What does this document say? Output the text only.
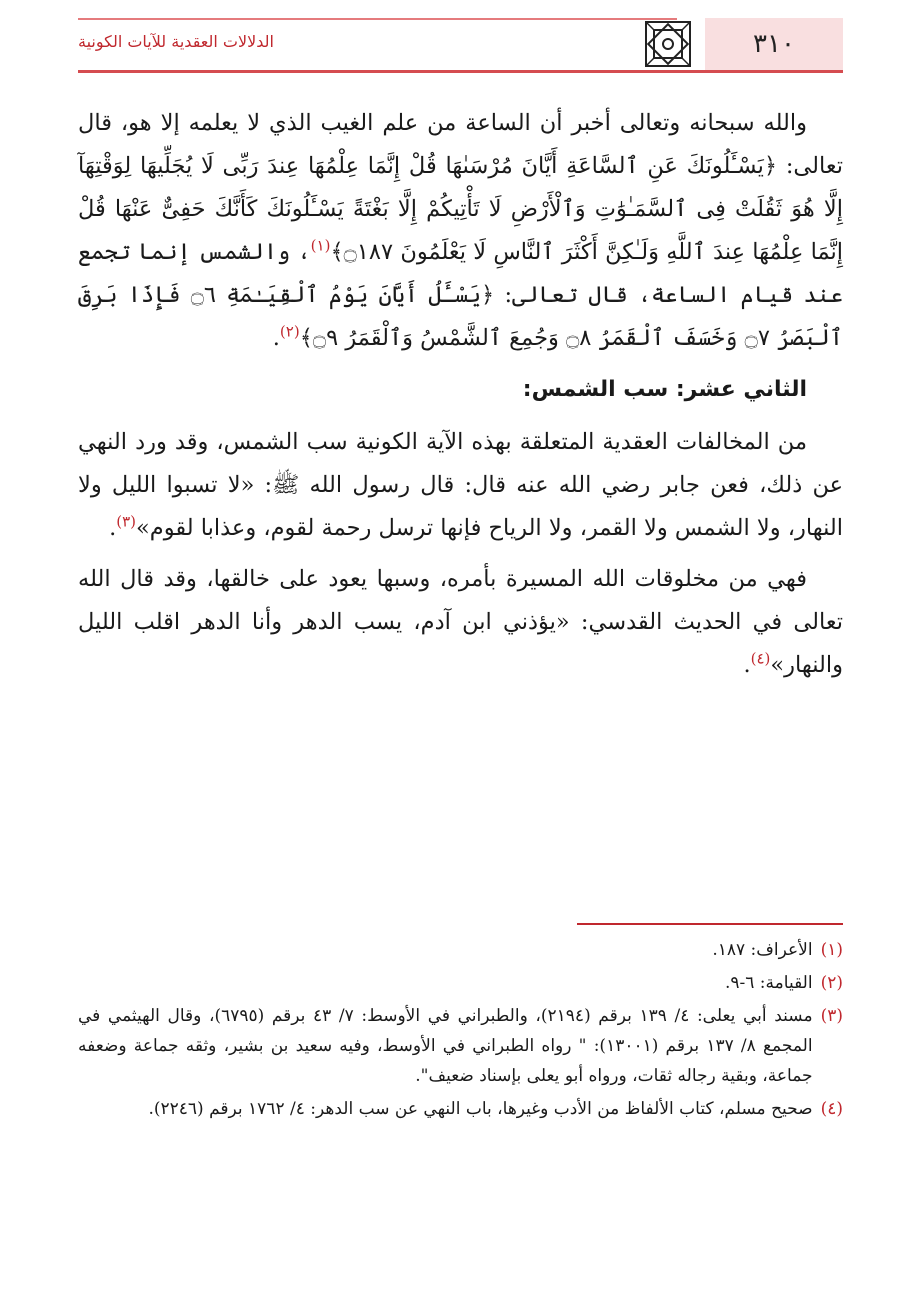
٣١٠
الدلالات العقدية للآيات الكونية

والله سبحانه وتعالى أخبر أن الساعة من علم الغيب الذي لا يعلمه إلا هو، قال تعالى: ﴿يَسْـَٔلُونَكَ عَنِ ٱلسَّاعَةِ أَيَّانَ مُرْسَىٰهَا قُلْ إِنَّمَا عِلْمُهَا عِندَ رَبِّى لَا يُجَلِّيهَا لِوَقْتِهَآ إِلَّا هُوَ ثَقُلَتْ فِى ٱلسَّمَـٰوَٰتِ وَٱلْأَرْضِ لَا تَأْتِيكُمْ إِلَّا بَغْتَةً يَسْـَٔلُونَكَ كَأَنَّكَ حَفِىٌّ عَنْهَا قُلْ إِنَّمَا عِلْمُهَا عِندَ ٱللَّهِ وَلَـٰكِنَّ أَكْثَرَ ٱلنَّاسِ لَا يَعْلَمُونَ ۝١٨٧﴾$^{(١)}$، والشمس إنما تجمع عند قيام الساعة، قال تعالى: ﴿يَسْـَٔلُ أَيَّانَ يَوْمُ ٱلْقِيَـٰمَةِ ۝٦ فَإِذَا بَرِقَ ٱلْبَصَرُ ۝٧ وَخَسَفَ ٱلْقَمَرُ ۝٨ وَجُمِعَ ٱلشَّمْسُ وَٱلْقَمَرُ ۝٩﴾$^{(٢)}$.

الثاني عشر: سب الشمس:

من المخالفات العقدية المتعلقة بهذه الآية الكونية سب الشمس، وقد ورد النهي عن ذلك، فعن جابر رضي الله عنه قال: قال رسول الله ﷺ: «لا تسبوا الليل ولا النهار، ولا الشمس ولا القمر، ولا الرياح فإنها ترسل رحمة لقوم، وعذابا لقوم»$^{(٣)}$.

فهي من مخلوقات الله المسيرة بأمره، وسبها يعود على خالقها، وقد قال الله تعالى في الحديث القدسي: «يؤذني ابن آدم، يسب الدهر وأنا الدهر اقلب الليل والنهار»$^{(٤)}$.

(١)
الأعراف: ١٨٧.
(٢)
القيامة: ٦-٩.
(٣)
مسند أبي يعلى: ٤/ ١٣٩ برقم (٢١٩٤)، والطبراني في الأوسط: ٧/ ٤٣ برقم (٦٧٩٥)، وقال الهيثمي في المجمع ٨/ ١٣٧ برقم (١٣٠٠١): " رواه الطبراني في الأوسط، وفيه سعيد بن بشير، وثقه جماعة وضعفه جماعة، وبقية رجاله ثقات، ورواه أبو يعلى بإسناد ضعيف".
(٤)
صحيح مسلم، كتاب الألفاظ من الأدب وغيرها، باب النهي عن سب الدهر: ٤/ ١٧٦٢ برقم (٢٢٤٦).
